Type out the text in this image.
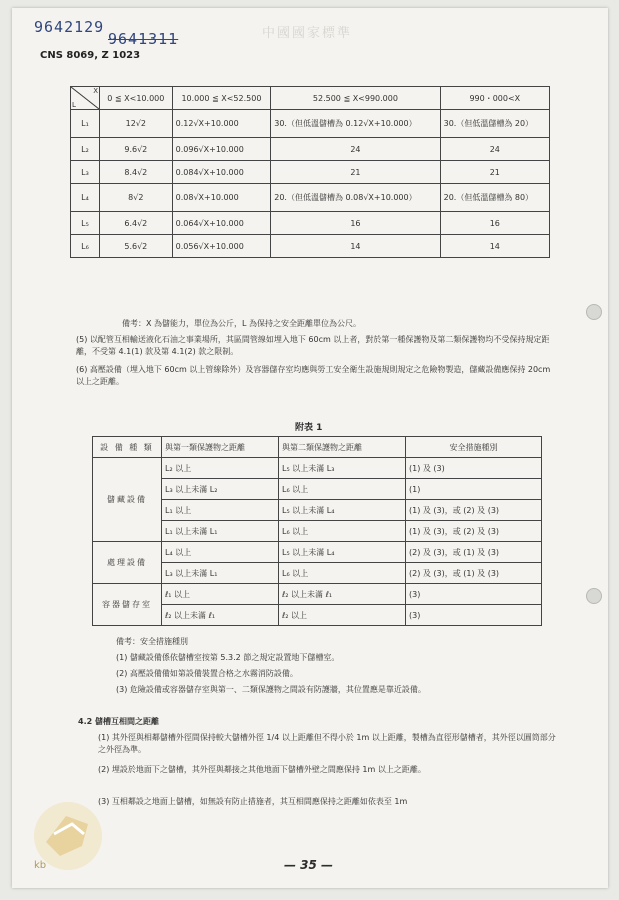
9642129
9641311	中國國家標準
CNS 8069, Z 1023
X
L	0 ≦ X<10.000	10.000 ≦ X<52.500	52.500 ≦ X<990.000	990・000<X
L₁	12√2	0.12√X+10.000	30.（但低溫儲槽為 0.12√X+10.000）	30.（但低溫儲槽為 20）
L₂	9.6√2	0.096√X+10.000	24	24
L₃	8.4√2	0.084√X+10.000	21	21
L₄	8√2	0.08√X+10.000	20.（但低溫儲槽為 0.08√X+10.000）	20.（但低溫儲槽為 80）
L₅	6.4√2	0.064√X+10.000	16	16
L₆	5.6√2	0.056√X+10.000	14	14
備考：X 為儲能力，單位為公斤，L 為保持之安全距離單位為公尺。
(5) 以配管互相輸送液化石油之事業場所，其區間管線如埋入地下 60cm 以上者，對於第一種保護物及第二類保護物均不受保持規定距離，不受第 4.1(1) 款及第 4.1(2) 款之限制。
(6) 高壓設備（埋入地下 60cm 以上管線除外）及容器儲存室均應與勞工安全衛生設施規則規定之危險物製造，儲藏設備應保持 20cm 以上之距離。
附表 1
設 備 種 類	與第一類保護物之距離	與第二類保護物之距離	安全措施種別
儲藏設備	L₂ 以上	L₅ 以上未滿 L₃	(1) 及 (3)
	L₃ 以上未滿 L₂	L₆ 以上	(1)
	L₁ 以上	L₅ 以上未滿 L₄	(1) 及 (3)，或 (2) 及 (3)
	L₁ 以上未滿 L₁	L₆ 以上	(1) 及 (3)，或 (2) 及 (3)
處理設備	L₄ 以上	L₅ 以上未滿 L₄	(2) 及 (3)，或 (1) 及 (3)
	L₃ 以上未滿 L₁	L₆ 以上	(2) 及 (3)，或 (1) 及 (3)
容器儲存室	ℓ₁ 以上	ℓ₂ 以上未滿 ℓ₁	(3)
	ℓ₂ 以上未滿 ℓ₁	ℓ₂ 以上	(3)
備考：安全措施種別
(1) 儲藏設備係依儲槽室按第 5.3.2 節之規定設置地下儲槽室。
(2) 高壓設備備如第設備裝置合格之水霧消防設備。
(3) 危險設備或容器儲存室與第一、二類保護物之間設有防護牆，其位置應是靠近設備。
4.2 儲槽互相間之距離
(1) 其外徑與相鄰儲槽外徑間保持較大儲槽外徑 1/4 以上距離但不得小於 1m 以上距離，製槽為直徑形儲槽者，其外徑以圓筒部分之外徑為準。
(2) 埋設於地面下之儲槽，其外徑與鄰接之其他地面下儲槽外壁之間應保持 1m 以上之距離。
(3) 互相鄰設之地面上儲槽，如無設有防止措施者，其互相間應保持之距離如依表至 1m
kb	— 35 —
